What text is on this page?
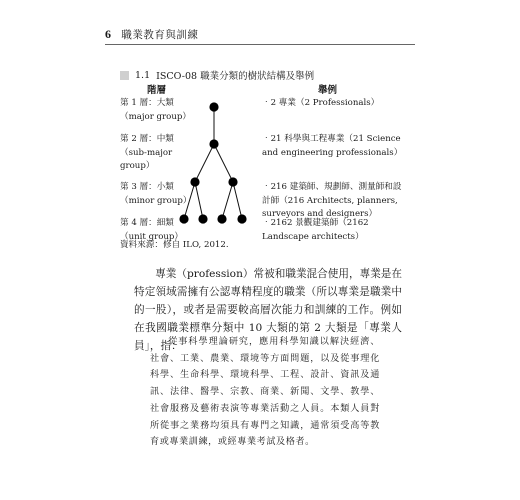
6 職業教育與訓練
1.1 ISCO-08 職業分類的樹狀結構及舉例
階層	舉例
第 1 層：大類
（major group）
第 2 層：中類
（sub-major group）
第 3 層：小類
（minor group）
第 4 層：細類
（unit group）
‧2 專業（2 Professionals）
‧21 科學與工程專業（21 Science and engineering professionals）
‧216 建築師、規劃師、測量師和設計師（216 Architects, planners, surveyors and designers）
‧2162 景觀建築師（2162 Landscape architects）
資料來源：修自 ILO, 2012.

專業（profession）常被和職業混合使用，專業是在特定領域需擁有公認專精程度的職業（所以專業是職業中的一股），或者是需要較高層次能力和訓練的工作。例如在我國職業標準分類中 10 大類的第 2 大類是「專業人員」，指：

從事科學理論研究，應用科學知識以解決經濟、社會、工業、農業、環境等方面問題，以及從事理化科學、生命科學、環境科學、工程、設計、資訊及通訊、法律、醫學、宗教、商業、新聞、文學、教學、社會服務及藝術表演等專業活動之人員。本類人員對所從事之業務均須具有專門之知識，通常須受高等教育或專業訓練，或經專業考試及格者。
